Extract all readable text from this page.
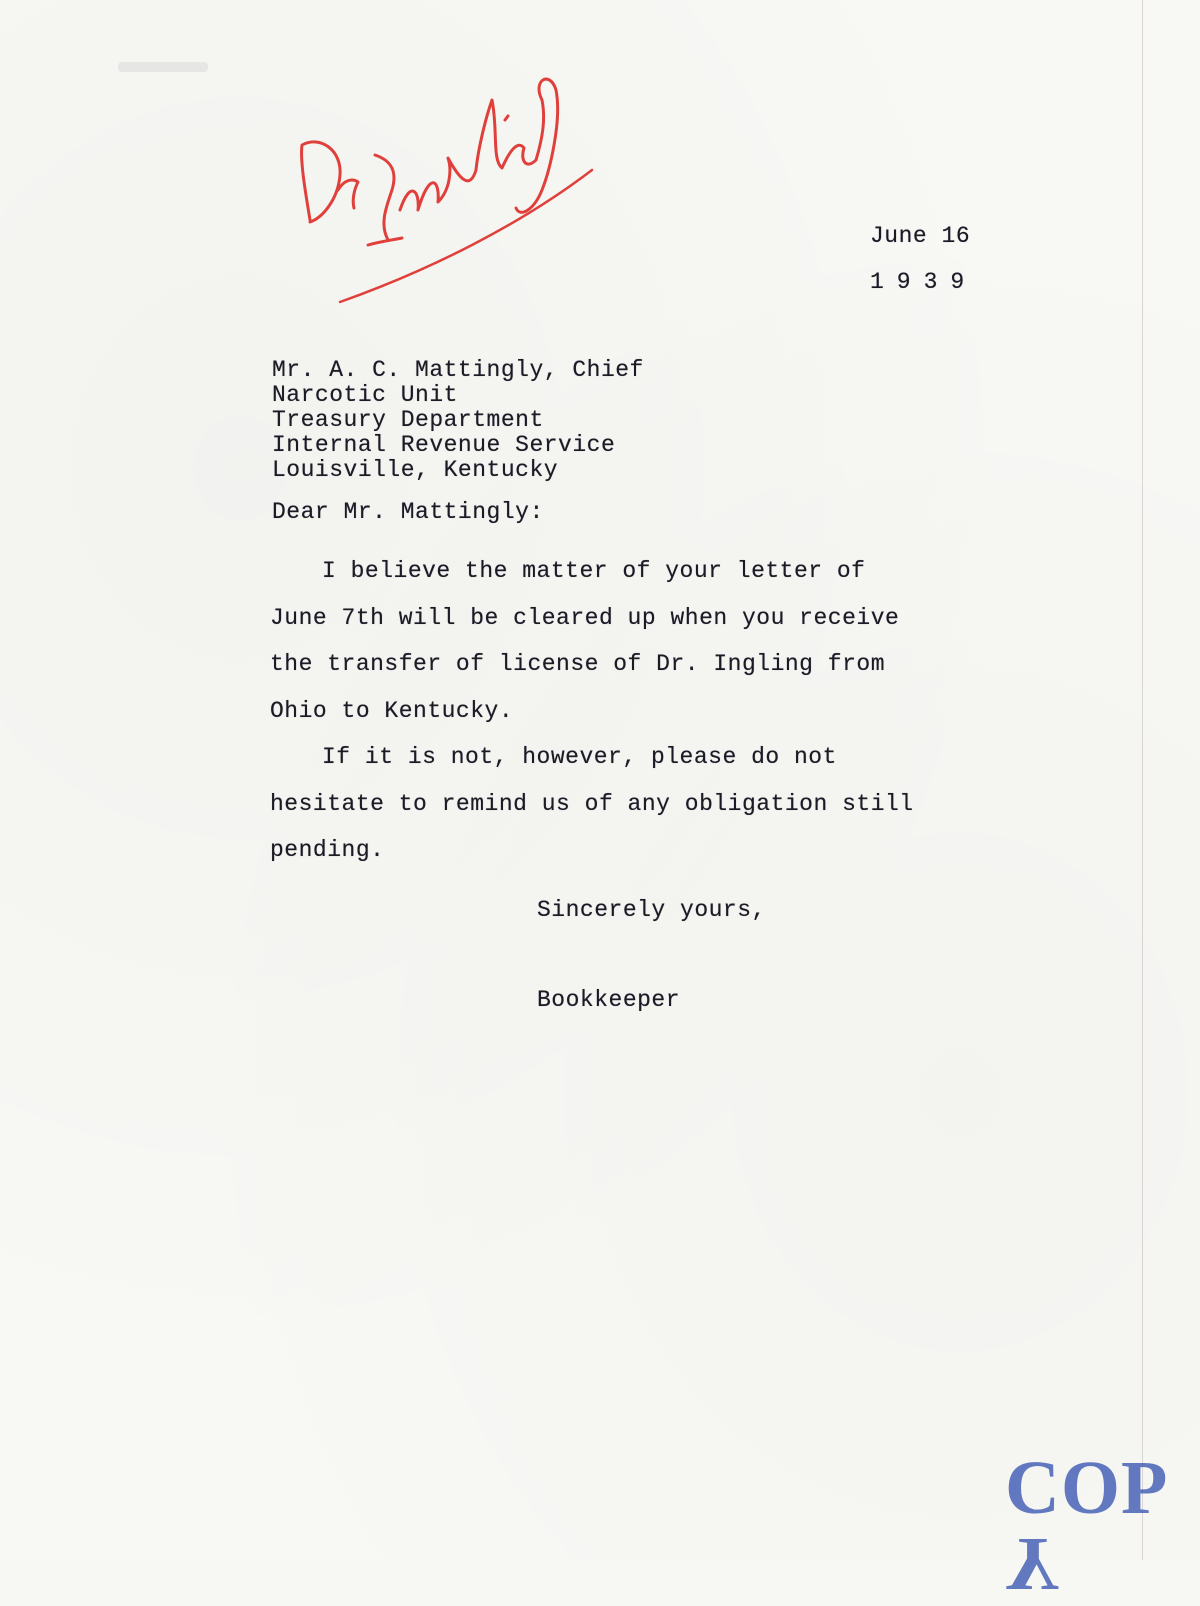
June 16
1939
Mr. A. C. Mattingly, Chief
Narcotic Unit
Treasury Department
Internal Revenue Service
Louisville, Kentucky
Dear Mr. Mattingly:
I believe the matter of your letter of
June 7th will be cleared up when you receive
the transfer of license of Dr. Ingling from
Ohio to Kentucky.
If it is not, however, please do not
hesitate to remind us of any obligation still
pending.
Sincerely yours,
Bookkeeper
COPY
